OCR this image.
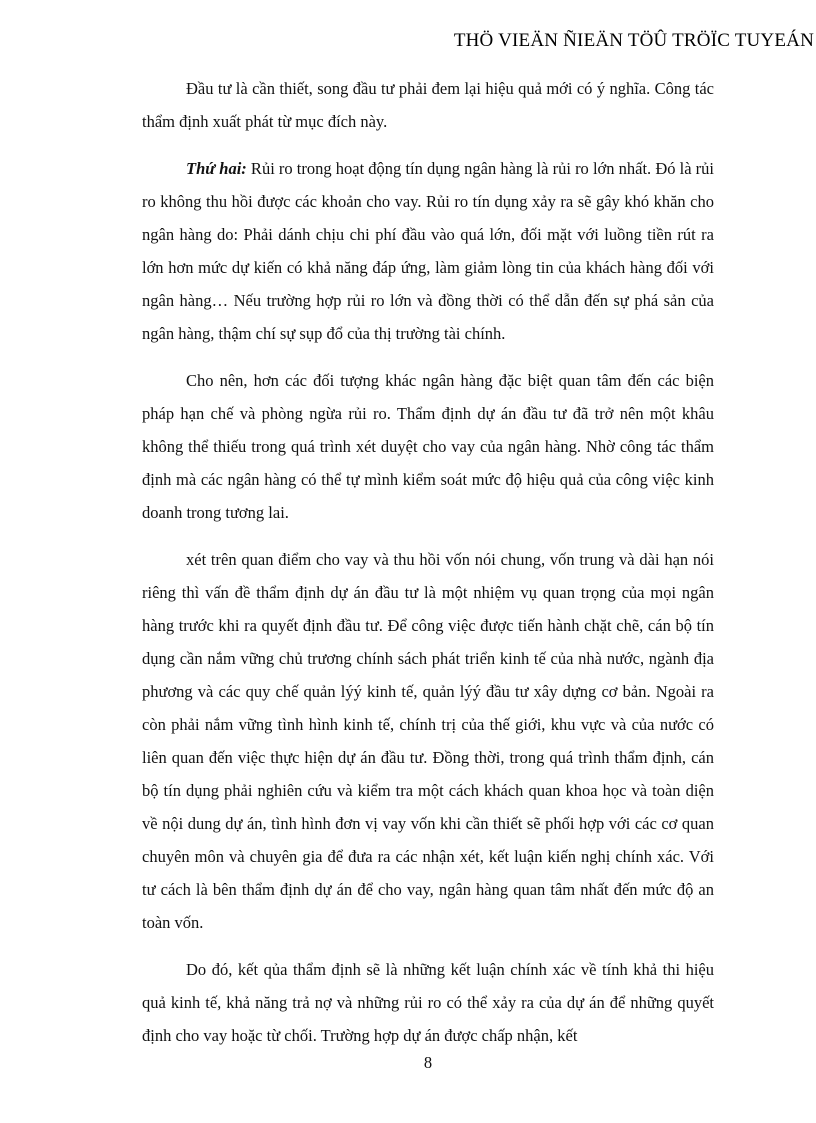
THÖ VIEÄN ÑIEÄN TÖÛ TRÖÏC TUYEÁN

Đầu tư là cần thiết, song đầu tư phải đem lại hiệu quả mới có ý nghĩa. Công tác thẩm định xuất phát từ mục đích này.

Thứ hai: Rủi ro trong hoạt động tín dụng ngân hàng là rủi ro lớn nhất. Đó là rủi ro không thu hồi được các khoản cho vay. Rủi ro tín dụng xảy ra sẽ gây khó khăn cho ngân hàng do: Phải dánh chịu chi phí đầu vào quá lớn, đối mặt với luồng tiền rút ra lớn hơn mức dự kiến có khả năng đáp ứng, làm giảm lòng tin của khách hàng đối với ngân hàng… Nếu trường hợp rủi ro lớn và đồng thời có thể dẫn đến sự phá sản của ngân hàng, thậm chí sự sụp đổ của thị trường tài chính.

Cho nên, hơn các đối tượng khác ngân hàng đặc biệt quan tâm đến các biện pháp hạn chế và phòng ngừa rủi ro. Thẩm định dự án đầu tư đã trở nên một khâu không thể thiếu trong quá trình xét duyệt cho vay của ngân hàng. Nhờ công tác thẩm định mà các ngân hàng có thể tự mình kiểm soát mức độ hiệu quả của công việc kinh doanh trong tương lai.

xét trên quan điểm cho vay và thu hồi vốn nói chung, vốn trung và dài hạn nói riêng thì vấn đề thẩm định dự án đầu tư là một nhiệm vụ quan trọng của mọi ngân hàng trước khi ra quyết định đầu tư. Để công việc được tiến hành chặt chẽ, cán bộ tín dụng cần nắm vững chủ trương chính sách phát triển kinh tế của nhà nước, ngành địa phương và các quy chế quản lýý kinh tế, quản lýý đầu tư xây dựng cơ bản. Ngoài ra còn phải nắm vững tình hình kinh tế, chính trị của thế giới, khu vực và của nước có liên quan đến việc thực hiện dự án đầu tư. Đồng thời, trong quá trình thẩm định, cán bộ tín dụng phải nghiên cứu và kiểm tra một cách khách quan khoa học và toàn diện về nội dung dự án, tình hình đơn vị vay vốn khi cần thiết sẽ phối hợp với các cơ quan chuyên môn và chuyên gia để đưa ra các nhận xét, kết luận kiến nghị chính xác. Với tư cách là bên thẩm định dự án để cho vay, ngân hàng quan tâm nhất đến mức độ an toàn vốn.

Do đó, kết qủa thẩm định sẽ là những kết luận chính xác về tính khả thi hiệu quả kinh tế, khả năng trả nợ và những rủi ro có thể xảy ra của dự án để những quyết định cho vay hoặc từ chối. Trường hợp dự án được chấp nhận, kết

8
